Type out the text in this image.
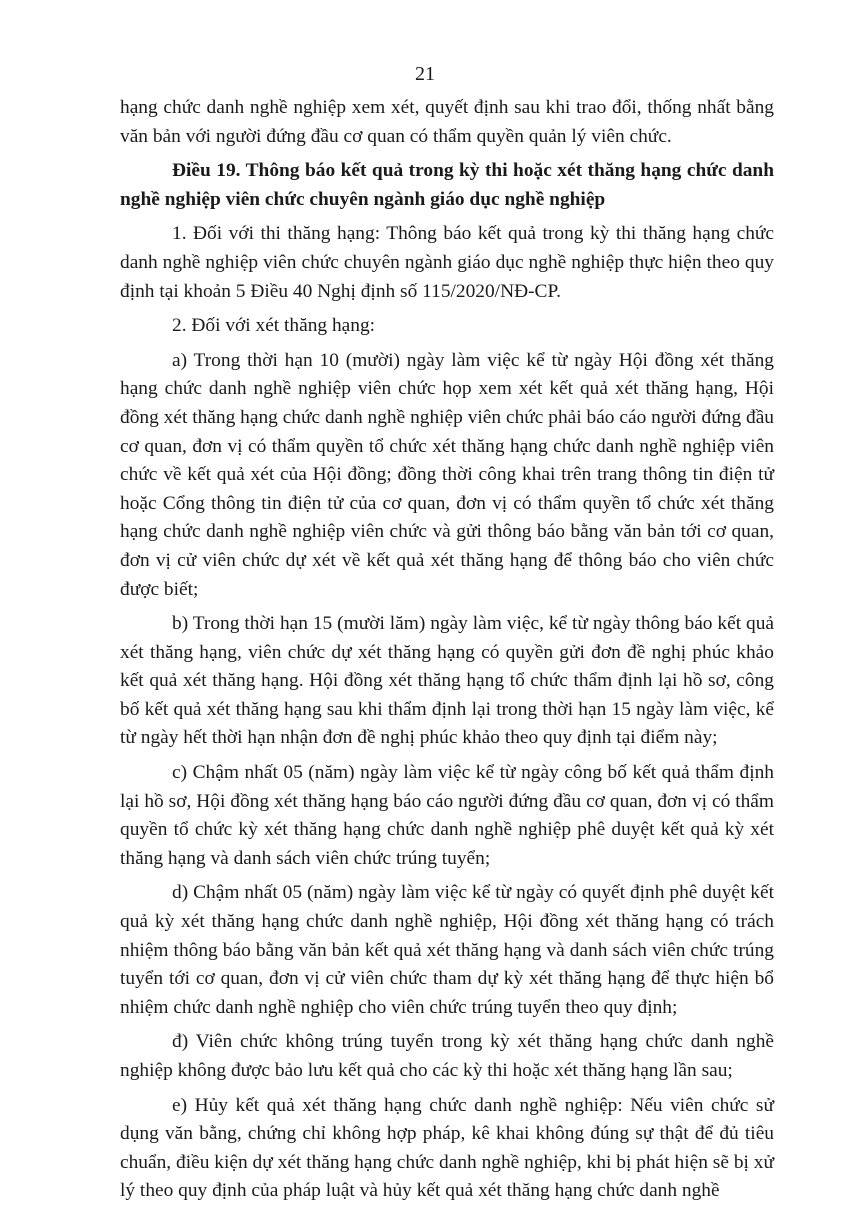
21

hạng chức danh nghề nghiệp xem xét, quyết định sau khi trao đổi, thống nhất bằng văn bản với người đứng đầu cơ quan có thẩm quyền quản lý viên chức.

Điều 19. Thông báo kết quả trong kỳ thi hoặc xét thăng hạng chức danh nghề nghiệp viên chức chuyên ngành giáo dục nghề nghiệp

1. Đối với thi thăng hạng: Thông báo kết quả trong kỳ thi thăng hạng chức danh nghề nghiệp viên chức chuyên ngành giáo dục nghề nghiệp thực hiện theo quy định tại khoản 5 Điều 40 Nghị định số 115/2020/NĐ-CP.

2. Đối với xét thăng hạng:

a) Trong thời hạn 10 (mười) ngày làm việc kể từ ngày Hội đồng xét thăng hạng chức danh nghề nghiệp viên chức họp xem xét kết quả xét thăng hạng, Hội đồng xét thăng hạng chức danh nghề nghiệp viên chức phải báo cáo người đứng đầu cơ quan, đơn vị có thẩm quyền tổ chức xét thăng hạng chức danh nghề nghiệp viên chức về kết quả xét của Hội đồng; đồng thời công khai trên trang thông tin điện tử hoặc Cổng thông tin điện tử của cơ quan, đơn vị có thẩm quyền tổ chức xét thăng hạng chức danh nghề nghiệp viên chức và gửi thông báo bằng văn bản tới cơ quan, đơn vị cử viên chức dự xét về kết quả xét thăng hạng để thông báo cho viên chức được biết;

b) Trong thời hạn 15 (mười lăm) ngày làm việc, kể từ ngày thông báo kết quả xét thăng hạng, viên chức dự xét thăng hạng có quyền gửi đơn đề nghị phúc khảo kết quả xét thăng hạng. Hội đồng xét thăng hạng tổ chức thẩm định lại hồ sơ, công bố kết quả xét thăng hạng sau khi thẩm định lại trong thời hạn 15 ngày làm việc, kể từ ngày hết thời hạn nhận đơn đề nghị phúc khảo theo quy định tại điểm này;

c) Chậm nhất 05 (năm) ngày làm việc kể từ ngày công bố kết quả thẩm định lại hồ sơ, Hội đồng xét thăng hạng báo cáo người đứng đầu cơ quan, đơn vị có thẩm quyền tổ chức kỳ xét thăng hạng chức danh nghề nghiệp phê duyệt kết quả kỳ xét thăng hạng và danh sách viên chức trúng tuyển;

d) Chậm nhất 05 (năm) ngày làm việc kể từ ngày có quyết định phê duyệt kết quả kỳ xét thăng hạng chức danh nghề nghiệp, Hội đồng xét thăng hạng có trách nhiệm thông báo bằng văn bản kết quả xét thăng hạng và danh sách viên chức trúng tuyển tới cơ quan, đơn vị cử viên chức tham dự kỳ xét thăng hạng để thực hiện bổ nhiệm chức danh nghề nghiệp cho viên chức trúng tuyển theo quy định;

đ) Viên chức không trúng tuyển trong kỳ xét thăng hạng chức danh nghề nghiệp không được bảo lưu kết quả cho các kỳ thi hoặc xét thăng hạng lần sau;

e) Hủy kết quả xét thăng hạng chức danh nghề nghiệp: Nếu viên chức sử dụng văn bằng, chứng chỉ không hợp pháp, kê khai không đúng sự thật để đủ tiêu chuẩn, điều kiện dự xét thăng hạng chức danh nghề nghiệp, khi bị phát hiện sẽ bị xử lý theo quy định của pháp luật và hủy kết quả xét thăng hạng chức danh nghề
